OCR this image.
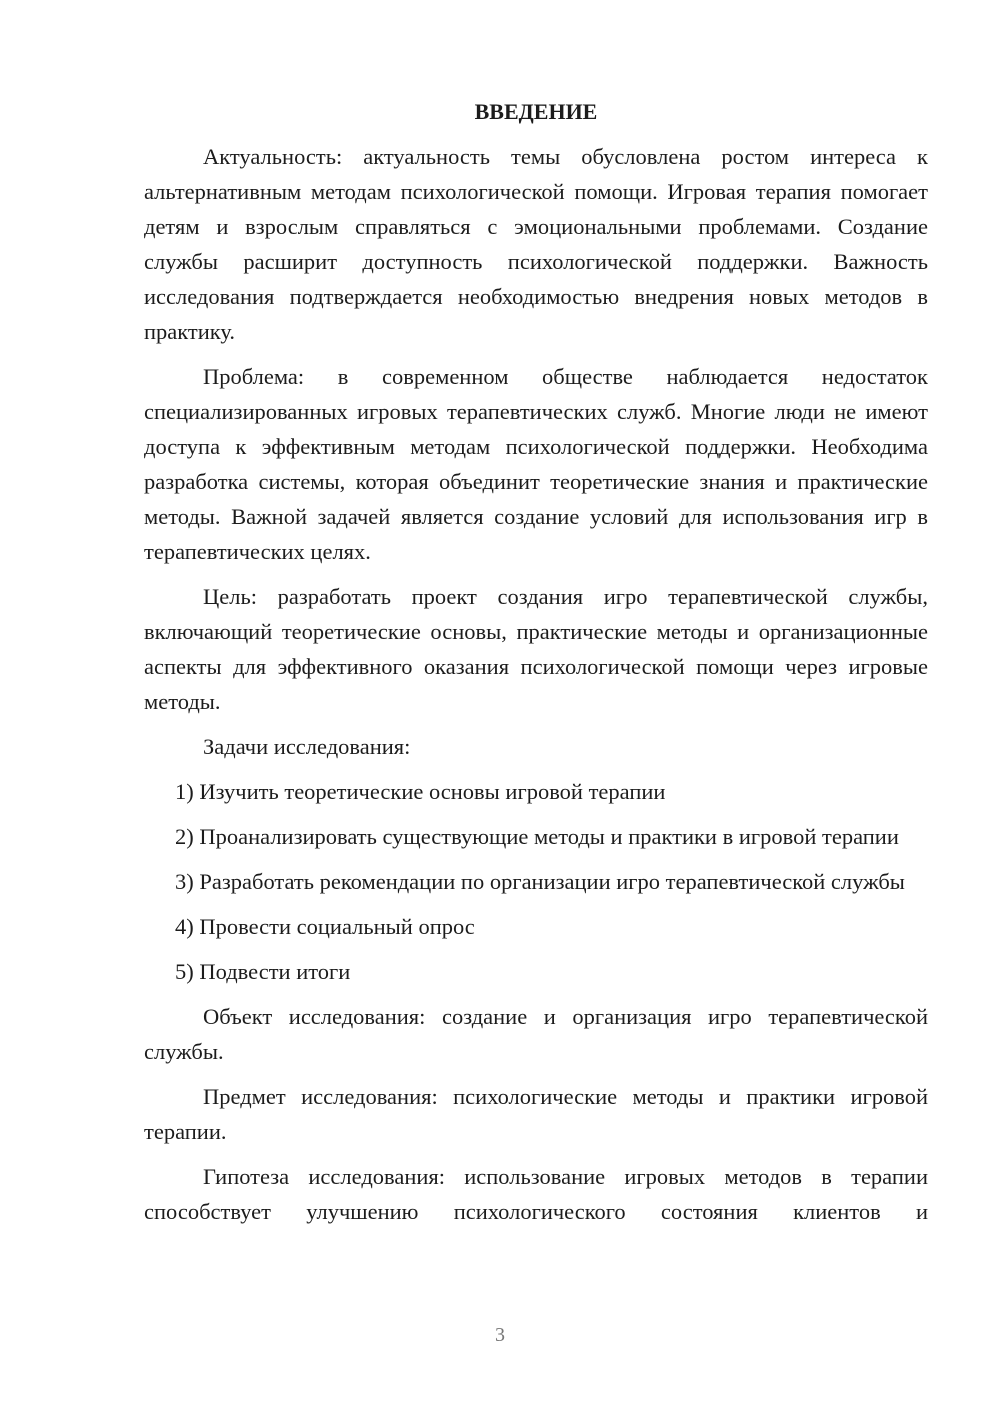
ВВЕДЕНИЕ

Актуальность: актуальность темы обусловлена ростом интереса к альтернативным методам психологической помощи. Игровая терапия помогает детям и взрослым справляться с эмоциональными проблемами. Создание службы расширит доступность психологической поддержки. Важность исследования подтверждается необходимостью внедрения новых методов в практику.

Проблема: в современном обществе наблюдается недостаток специализированных игровых терапевтических служб. Многие люди не имеют доступа к эффективным методам психологической поддержки. Необходима разработка системы, которая объединит теоретические знания и практические методы. Важной задачей является создание условий для использования игр в терапевтических целях.

Цель: разработать проект создания игро терапевтической службы, включающий теоретические основы, практические методы и организационные аспекты для эффективного оказания психологической помощи через игровые методы.

Задачи исследования:

1) Изучить теоретические основы игровой терапии

2) Проанализировать существующие методы и практики в игровой терапии

3) Разработать рекомендации по организации игро терапевтической службы

4) Провести социальный опрос

5) Подвести итоги

Объект исследования: создание и организация игро терапевтической службы.

Предмет исследования: психологические методы и практики игровой терапии.

Гипотеза исследования: использование игровых методов в терапии способствует улучшению психологического состояния клиентов и

3
